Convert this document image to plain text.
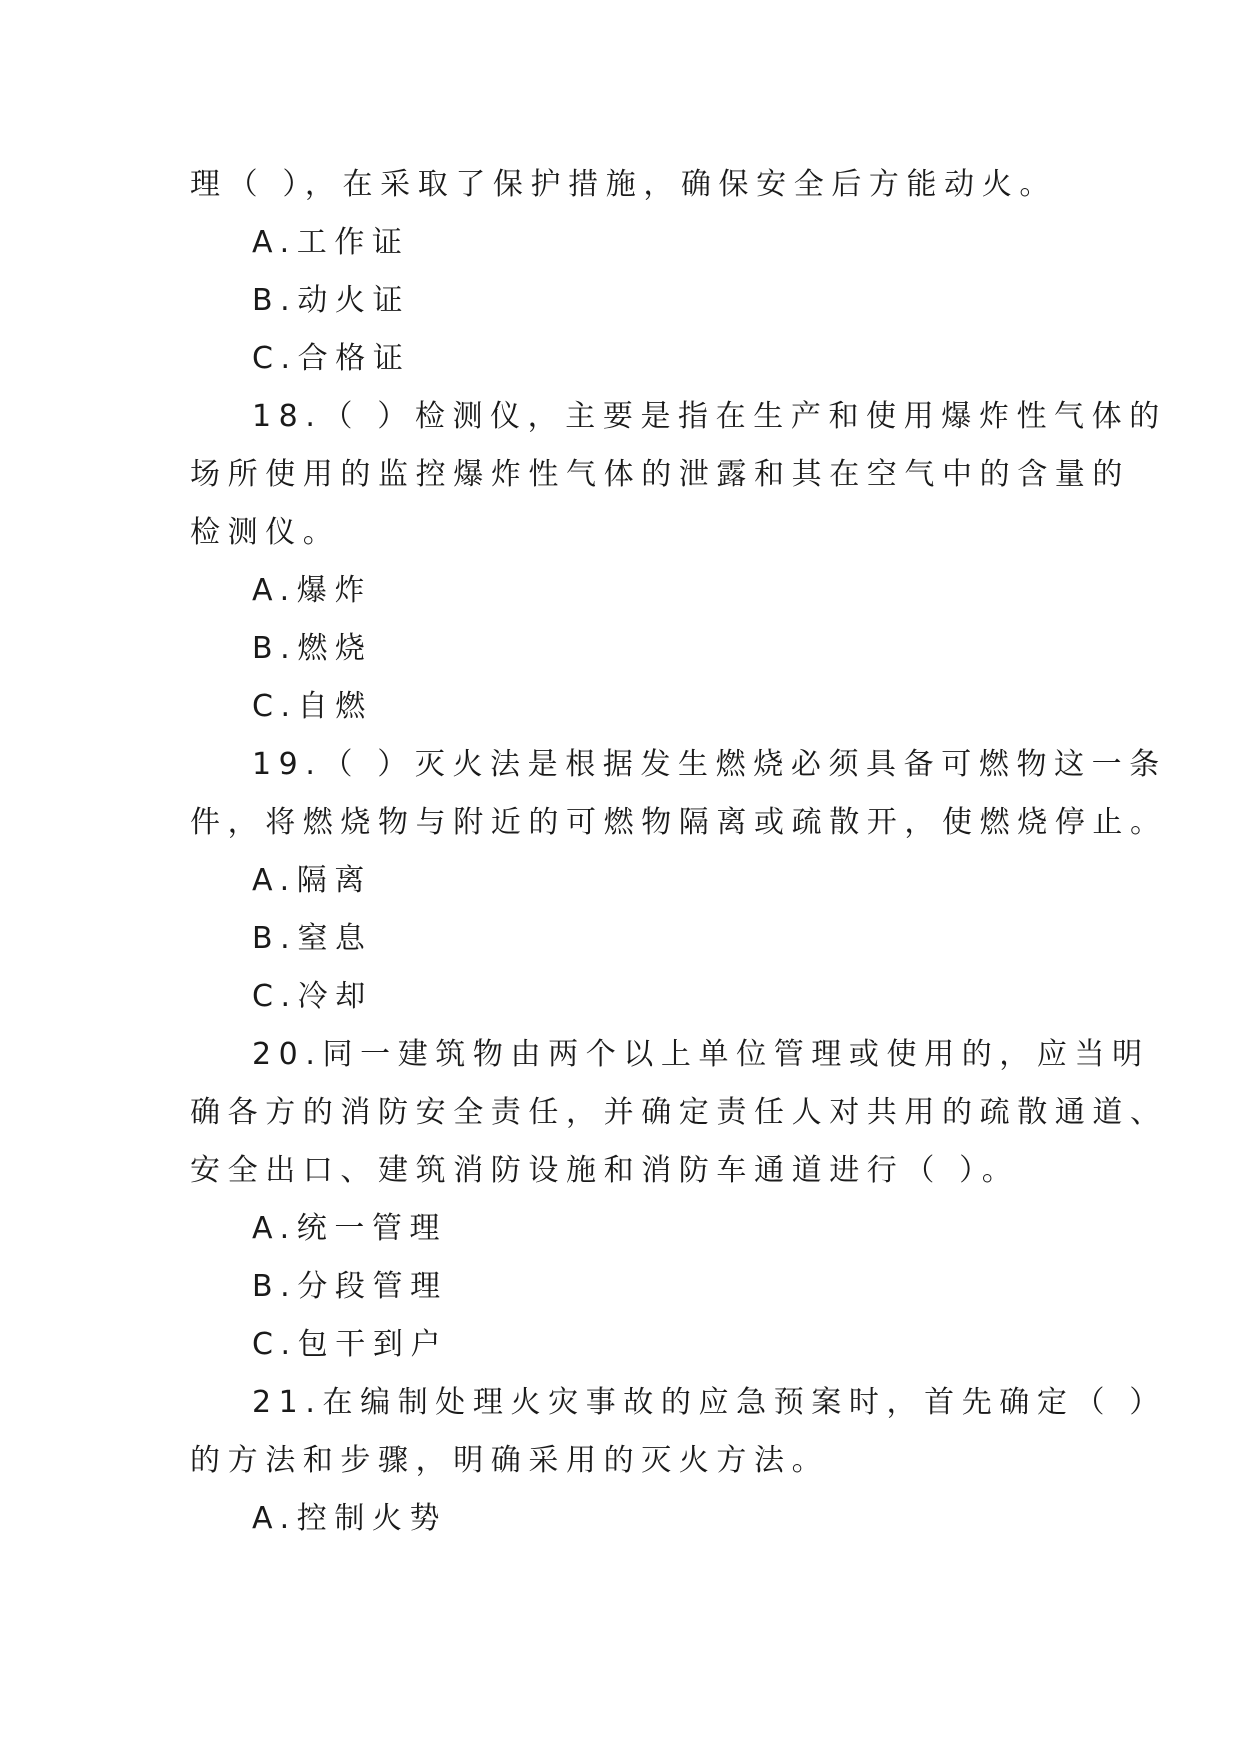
理（ ），在采取了保护措施，确保安全后方能动火。
A.工作证
B.动火证
C.合格证
18.（ ）检测仪，主要是指在生产和使用爆炸性气体的
场所使用的监控爆炸性气体的泄露和其在空气中的含量的
检测仪。
A.爆炸
B.燃烧
C.自燃
19.（ ）灭火法是根据发生燃烧必须具备可燃物这一条
件，将燃烧物与附近的可燃物隔离或疏散开，使燃烧停止。
A.隔离
B.窒息
C.冷却
20.同一建筑物由两个以上单位管理或使用的，应当明
确各方的消防安全责任，并确定责任人对共用的疏散通道、
安全出口、建筑消防设施和消防车通道进行（ ）。
A.统一管理
B.分段管理
C.包干到户
21.在编制处理火灾事故的应急预案时，首先确定（ ）
的方法和步骤，明确采用的灭火方法。
A.控制火势
